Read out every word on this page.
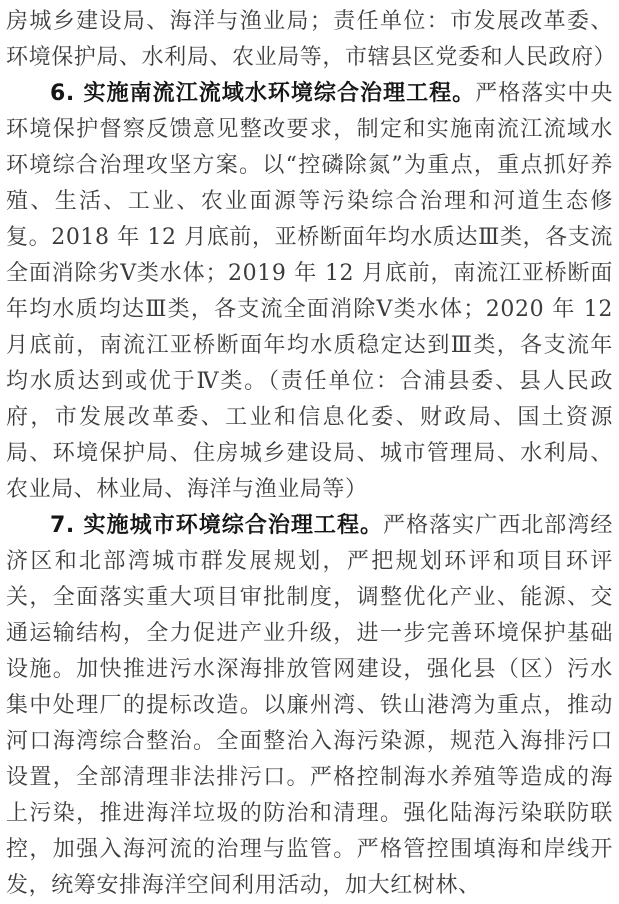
房城乡建设局、海洋与渔业局；责任单位：市发展改革委、环境保护局、水利局、农业局等，市辖县区党委和人民政府）

6. 实施南流江流域水环境综合治理工程。严格落实中央环境保护督察反馈意见整改要求，制定和实施南流江流域水环境综合治理攻坚方案。以“控磷除氮”为重点，重点抓好养殖、生活、工业、农业面源等污染综合治理和河道生态修复。2018 年 12 月底前，亚桥断面年均水质达Ⅲ类，各支流全面消除劣Ⅴ类水体；2019 年 12 月底前，南流江亚桥断面年均水质均达Ⅲ类，各支流全面消除Ⅴ类水体；2020 年 12 月底前，南流江亚桥断面年均水质稳定达到Ⅲ类，各支流年均水质达到或优于Ⅳ类。（责任单位：合浦县委、县人民政府，市发展改革委、工业和信息化委、财政局、国土资源局、环境保护局、住房城乡建设局、城市管理局、水利局、农业局、林业局、海洋与渔业局等）

7. 实施城市环境综合治理工程。严格落实广西北部湾经济区和北部湾城市群发展规划，严把规划环评和项目环评关，全面落实重大项目审批制度，调整优化产业、能源、交通运输结构，全力促进产业升级，进一步完善环境保护基础设施。加快推进污水深海排放管网建设，强化县（区）污水集中处理厂的提标改造。以廉州湾、铁山港湾为重点，推动河口海湾综合整治。全面整治入海污染源，规范入海排污口设置，全部清理非法排污口。严格控制海水养殖等造成的海上污染，推进海洋垃圾的防治和清理。强化陆海污染联防联控，加强入海河流的治理与监管。严格管控围填海和岸线开发，统筹安排海洋空间利用活动，加大红树林、
